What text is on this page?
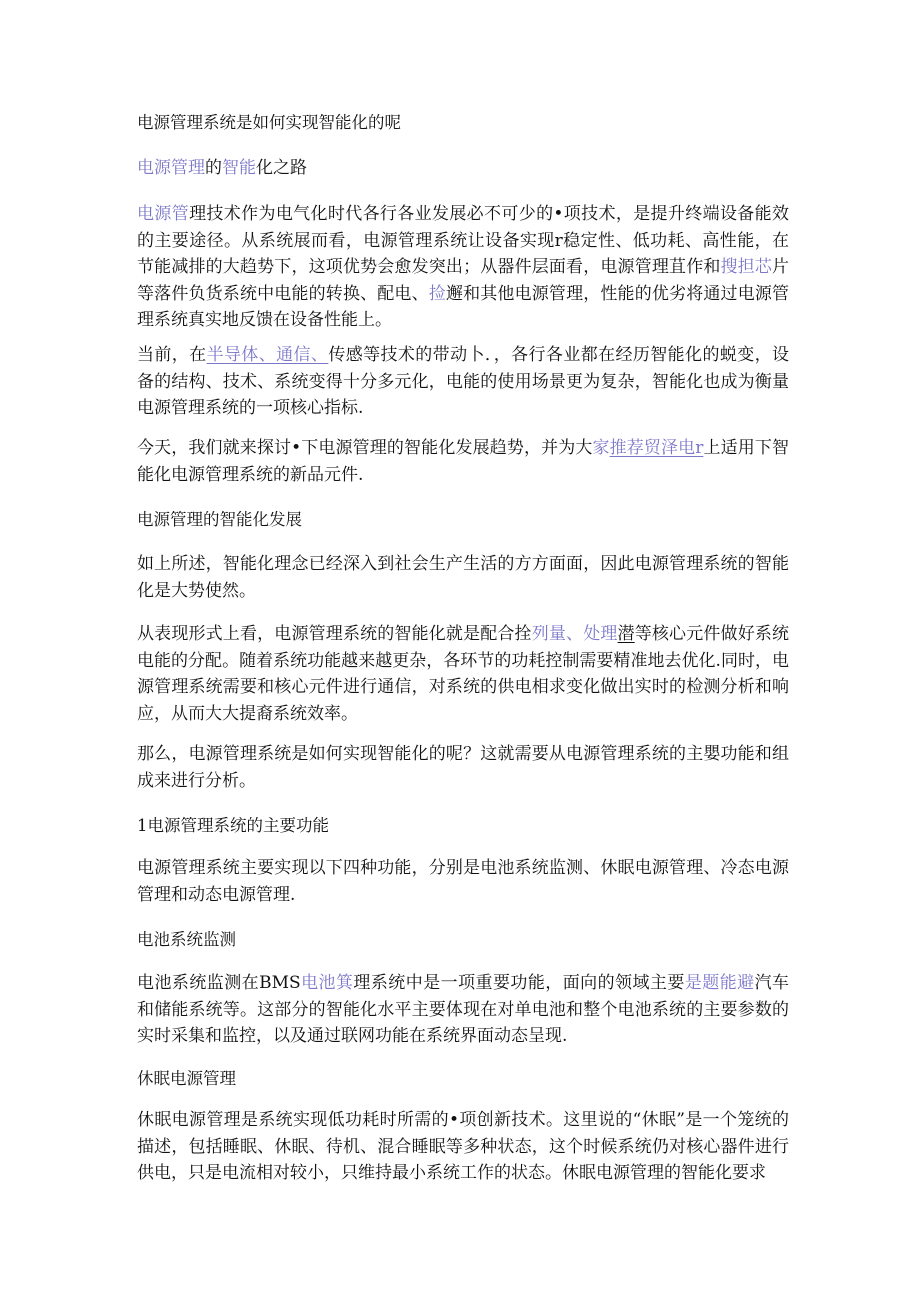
电源管理系统是如何实现智能化的呢
电源管理的智能化之路
电源管理技术作为电气化时代各行各业发展必不可少的•项技术，是提升终端设备能效的主要途径。从系统展而看，电源管理系统让设备实现r稳定性、低功耗、高性能，在节能减排的大趋势下，这项优势会愈发突出；从器件层面看，电源管理苴作和搜担芯片等落件负货系统中电能的转换、配电、捡邂和其他电源管理，性能的优劣将通过电源管理系统真实地反馈在设备性能上。
当前，在半导体、通信、传感等技术的带动卜．，各行各业都在经历智能化的蜕变，设备的结构、技术、系统变得十分多元化，电能的使用场景更为复杂，智能化也成为衡量电源管理系统的一项核心指标.
今天，我们就来探讨•下电源管理的智能化发展趋势，并为大家推荐贸泽电r上适用下智能化电源管理系统的新品元件.
电源管理的智能化发展
如上所述，智能化理念已经深入到社会生产生活的方方面面，因此电源管理系统的智能化是大势使然。
从表现形式上看，电源管理系统的智能化就是配合拴列量、处理潜等核心元件做好系统电能的分配。随着系统功能越来越更杂，各环节的功耗控制需要精准地去优化.同时，电源管理系统需要和核心元件进行通信，对系统的供电相求变化做出实时的检测分析和响应，从而大大提裔系统效率。
那么，电源管理系统是如何实现智能化的呢？这就需要从电源管理系统的主嬰功能和组成来进行分析。
1电源管理系统的主要功能
电源管理系统主要实现以下四种功能，分别是电池系统监测、休眠电源管理、冷态电源管理和动态电源管理.
电池系统监测
电池系统监测在BMS电池箕理系统中是一项重要功能，面向的领域主要是题能避汽车和储能系统等。这部分的智能化水平主要体现在对单电池和整个电池系统的主要参数的实时采集和监控，以及通过联网功能在系统界面动态呈现.
休眠电源管理
休眠电源管理是系统实现低功耗时所需的•项创新技术。这里说的“休眠”是一个笼统的描述，包括睡眠、休眠、待机、混合睡眠等多种状态，这个时候系统仍对核心器件进行供电，只是电流相对较小，只维持最小系统工作的状态。休眠电源管理的智能化要求
